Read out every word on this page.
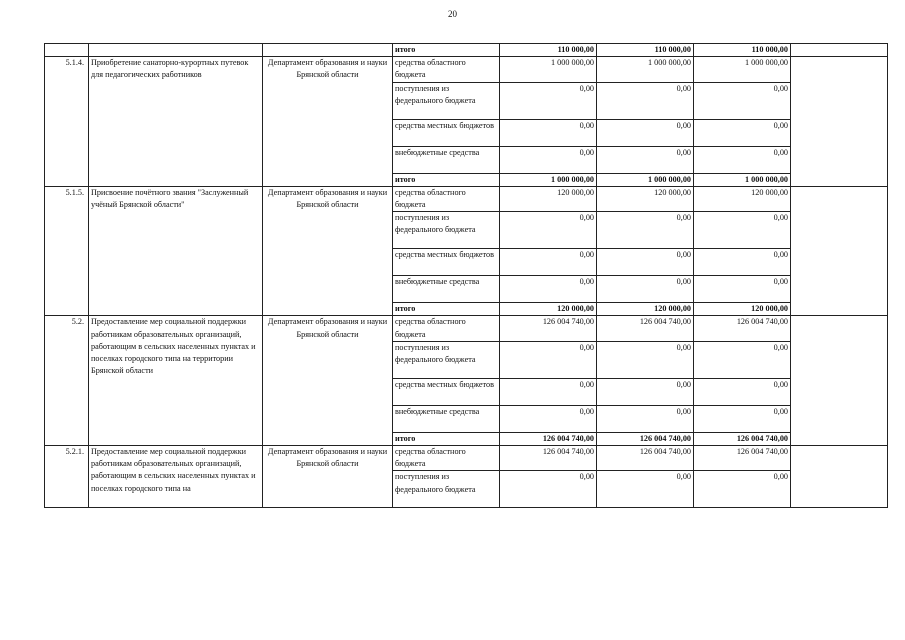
20
			итого	110 000,00	110 000,00	110 000,00	
5.1.4.	Приобретение санаторно-курортных путевок для педагогических работников	Департамент образования и науки Брянской области	средства областного бюджета	1 000 000,00	1 000 000,00	1 000 000,00	
			поступления из федерального бюджета	0,00	0,00	0,00	
			средства местных бюджетов	0,00	0,00	0,00	
			внебюджетные средства	0,00	0,00	0,00	
			итого	1 000 000,00	1 000 000,00	1 000 000,00	
5.1.5.	Присвоение почётного звания "Заслуженный учёный Брянской области"	Департамент образования и науки Брянской области	средства областного бюджета	120 000,00	120 000,00	120 000,00	
			поступления из федерального бюджета	0,00	0,00	0,00	
			средства местных бюджетов	0,00	0,00	0,00	
			внебюджетные средства	0,00	0,00	0,00	
			итого	120 000,00	120 000,00	120 000,00	
5.2.	Предоставление мер социальной поддержки работникам образовательных организаций, работающим в сельских населенных пунктах и поселках городского типа на территории Брянской области	Департамент образования и науки Брянской области	средства областного бюджета	126 004 740,00	126 004 740,00	126 004 740,00	
			поступления из федерального бюджета	0,00	0,00	0,00	
			средства местных бюджетов	0,00	0,00	0,00	
			внебюджетные средства	0,00	0,00	0,00	
			итого	126 004 740,00	126 004 740,00	126 004 740,00	
5.2.1.	Предоставление мер социальной поддержки работникам образовательных организаций, работающим в сельских населенных пунктах и поселках городского типа на	Департамент образования и науки Брянской области	средства областного бюджета	126 004 740,00	126 004 740,00	126 004 740,00	
			поступления из федерального бюджета	0,00	0,00	0,00	
